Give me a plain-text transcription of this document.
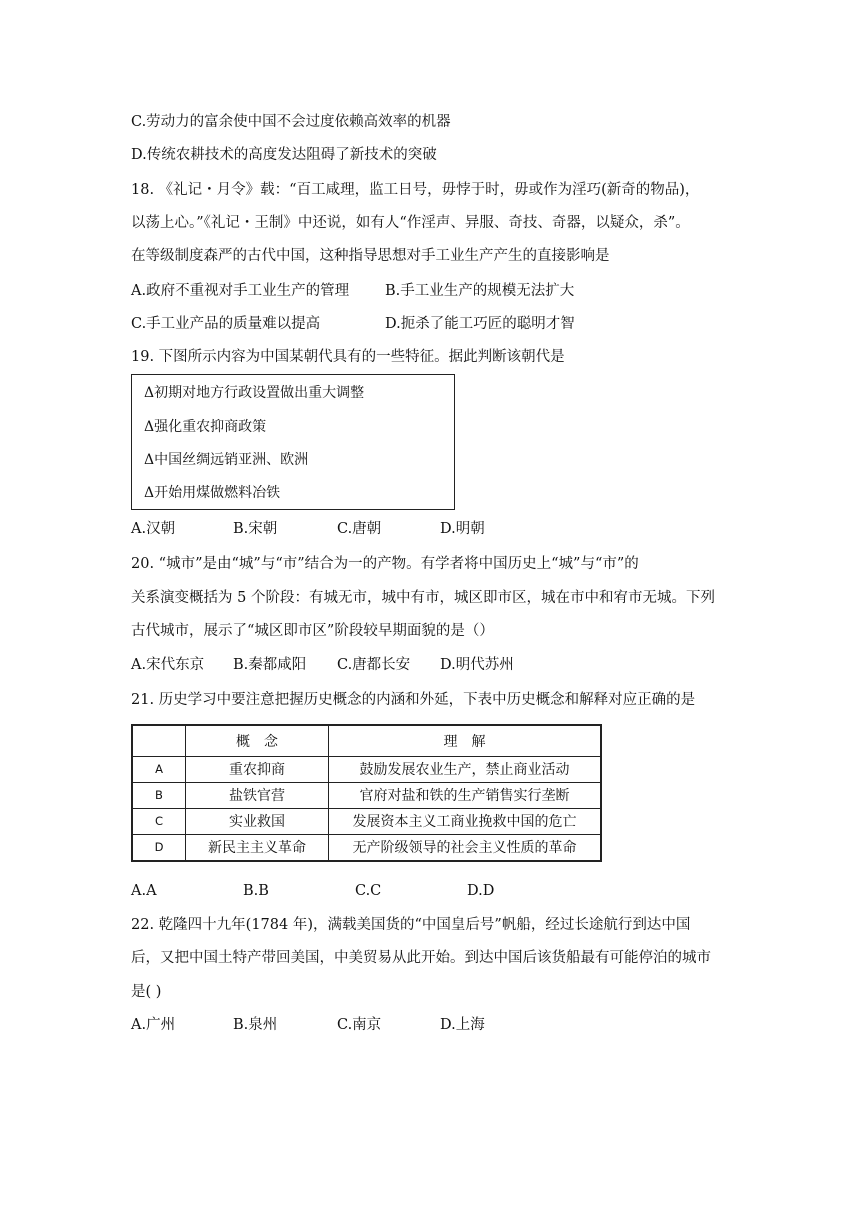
C.劳动力的富余使中国不会过度依赖高效率的机器
D.传统农耕技术的高度发达阻碍了新技术的突破
18. 《礼记・月令》载：“百工咸理，监工日号，毋悖于时，毋或作为淫巧(新奇的物品)，
以荡上心。”《礼记・王制》中还说，如有人“作淫声、异服、奇技、奇器，以疑众，杀”。
在等级制度森严的古代中国，这种指导思想对手工业生产产生的直接影响是
A.政府不重视对手工业生产的管理 B.手工业生产的规模无法扩大
C.手工业产品的质量难以提高	D.扼杀了能工巧匠的聪明才智
19. 下图所示内容为中国某朝代具有的一些特征。据此判断该朝代是
Δ初期对地方行政设置做出重大调整
Δ强化重农抑商政策
Δ中国丝绸远销亚洲、欧洲
Δ开始用煤做燃料冶铁
A.汉朝	B.宋朝	C.唐朝	D.明朝
20. “城市”是由“城”与“市”结合为一的产物。有学者将中国历史上“城”与“市”的
关系演变概括为 5 个阶段：有城无市，城中有市，城区即市区，城在市中和宥市无城。下列
古代城市，展示了“城区即市区”阶段较早期面貌的是（）
A.宋代东京 B.秦都咸阳 C.唐都长安 D.明代苏州
21. 历史学习中要注意把握历史概念的内涵和外延，下表中历史概念和解释对应正确的是
	概　念	理　解
A	重农抑商	鼓励发展农业生产，禁止商业活动
B	盐铁官营	官府对盐和铁的生产销售实行垄断
C	实业救国	发展资本主义工商业挽救中国的危亡
D	新民主主义革命	无产阶级领导的社会主义性质的革命
A.A	B.B	C.C	D.D
22. 乾隆四十九年(1784 年)，满载美国货的“中国皇后号”帆船，经过长途航行到达中国
后，又把中国土特产带回美国，中美贸易从此开始。到达中国后该货船最有可能停泊的城市
是( )
A.广州	B.泉州	C.南京	D.上海
